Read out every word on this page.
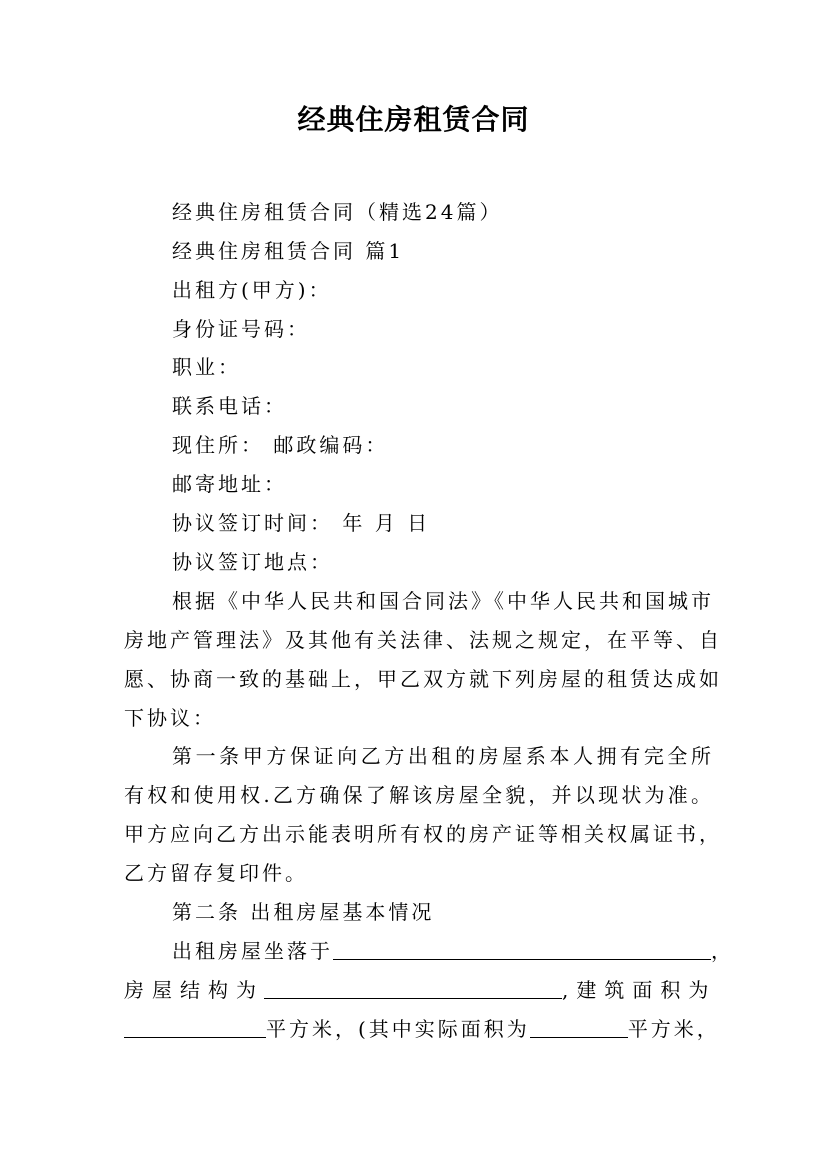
经典住房租赁合同
经典住房租赁合同（精选24篇）
经典住房租赁合同 篇1
出租方(甲方)：
身份证号码：
职业：
联系电话：
现住所： 邮政编码：
邮寄地址：
协议签订时间： 年 月 日
协议签订地点：
根据《中华人民共和国合同法》《中华人民共和国城市
房地产管理法》及其他有关法律、法规之规定，在平等、自
愿、协商一致的基础上，甲乙双方就下列房屋的租赁达成如
下协议：
第一条甲方保证向乙方出租的房屋系本人拥有完全所
有权和使用权.乙方确保了解该房屋全貌，并以现状为准。
甲方应向乙方出示能表明所有权的房产证等相关权属证书，
乙方留存复印件。
第二条 出租房屋基本情况
出租房屋坐落于	，
房屋结构为	,建筑面积为
平方米，(其中实际面积为	平方米，
